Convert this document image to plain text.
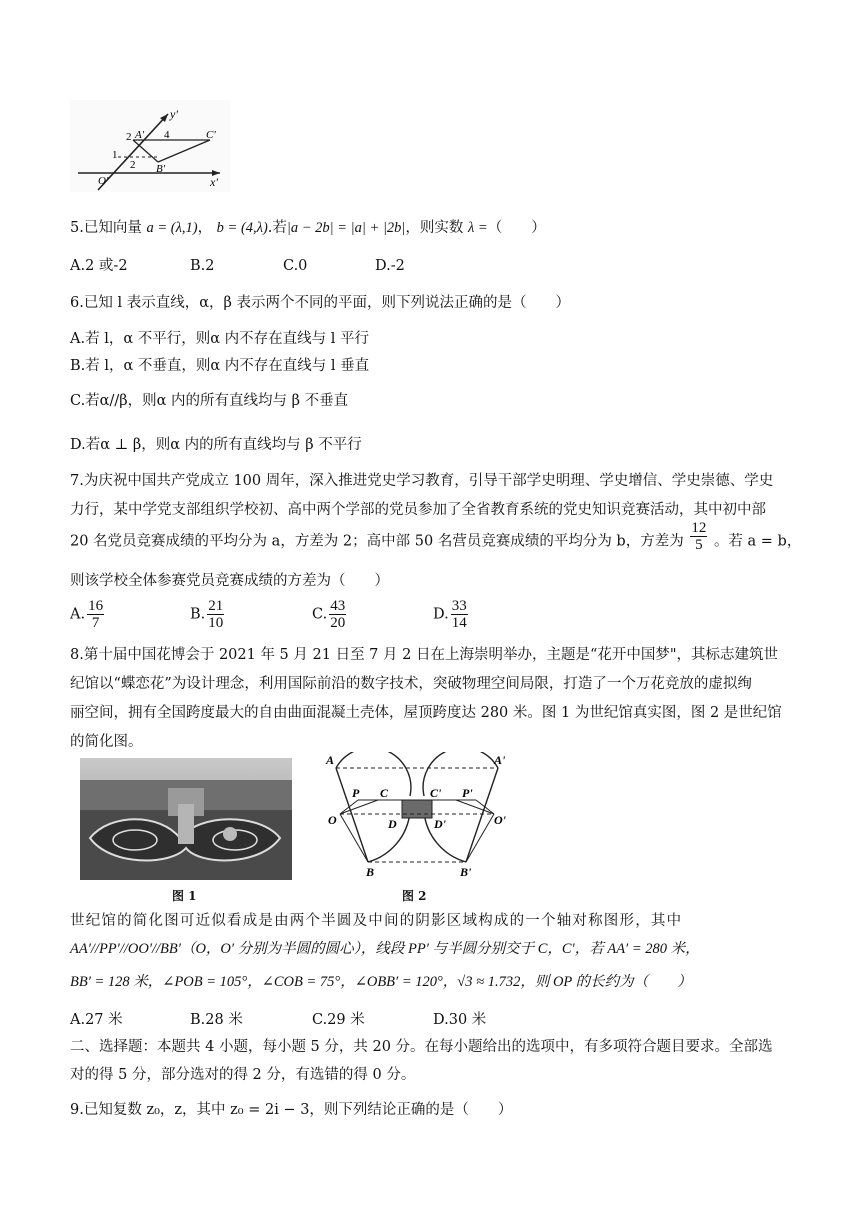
y'
x'
O'
A'
B'
C'
2	4
1
2
5.已知向量 a = (λ,1)， b = (4,λ).若|a − 2b| = |a| + |2b|，则实数 λ =（　　）
A.2 或-2	B.2	C.0	D.-2
6.已知 l 表示直线，α，β 表示两个不同的平面，则下列说法正确的是（　　）
A.若 l，α 不平行，则α 内不存在直线与 l 平行
B.若 l，α 不垂直，则α 内不存在直线与 l 垂直
C.若α//β，则α 内的所有直线均与 β 不垂直
D.若α ⊥ β，则α 内的所有直线均与 β 不平行
7.为庆祝中国共产党成立 100 周年，深入推进党史学习教育，引导干部学史明理、学史增信、学史崇德、学史
力行，某中学党支部组织学校初、高中两个学部的党员参加了全省教育系统的党史知识竞赛活动，其中初中部
20 名党员竞赛成绩的平均分为 a，方差为 2；高中部 50 名营员竞赛成绩的平均分为 b，方差为 $\frac{12}{5}$ 。若 a = b，
则该学校全体参赛党员竞赛成绩的方差为（　　）
A. $\frac{16}{7}$	B. $\frac{21}{10}$	C. $\frac{43}{20}$	D. $\frac{33}{14}$
8.第十届中国花博会于 2021 年 5 月 21 日至 7 月 2 日在上海崇明举办，主题是“花开中国梦"，其标志建筑世
纪馆以“蝶恋花”为设计理念，利用国际前沿的数字技术，突破物理空间局限，打造了一个万花竞放的虚拟绚
丽空间，拥有全国跨度最大的自由曲面混凝土壳体，屋顶跨度达 280 米。图 1 为世纪馆真实图，图 2 是世纪馆
的简化图。
图 1
A	A'
P C	C' P'
O	D	D'	O'
B	B'
图 2
世纪馆的简化图可近似看成是由两个半圆及中间的阴影区域构成的一个轴对称图形，其中
AA′//PP′//OO′//BB′（O，O′ 分别为半圆的圆心），线段 PP′ 与半圆分别交于 C，C′，若 AA′ = 280 米，
BB′ = 128 米，∠POB = 105°，∠COB = 75°，∠OBB′ = 120°，√3 ≈ 1.732，则 OP 的长约为（　　）
A.27 米	B.28 米	C.29 米	D.30 米
二、选择题：本题共 4 小题，每小题 5 分，共 20 分。在每小题给出的选项中，有多项符合题目要求。全部选
对的得 5 分，部分选对的得 2 分，有选错的得 0 分。
9.已知复数 z₀，z，其中 z₀ = 2i − 3，则下列结论正确的是（　　）
